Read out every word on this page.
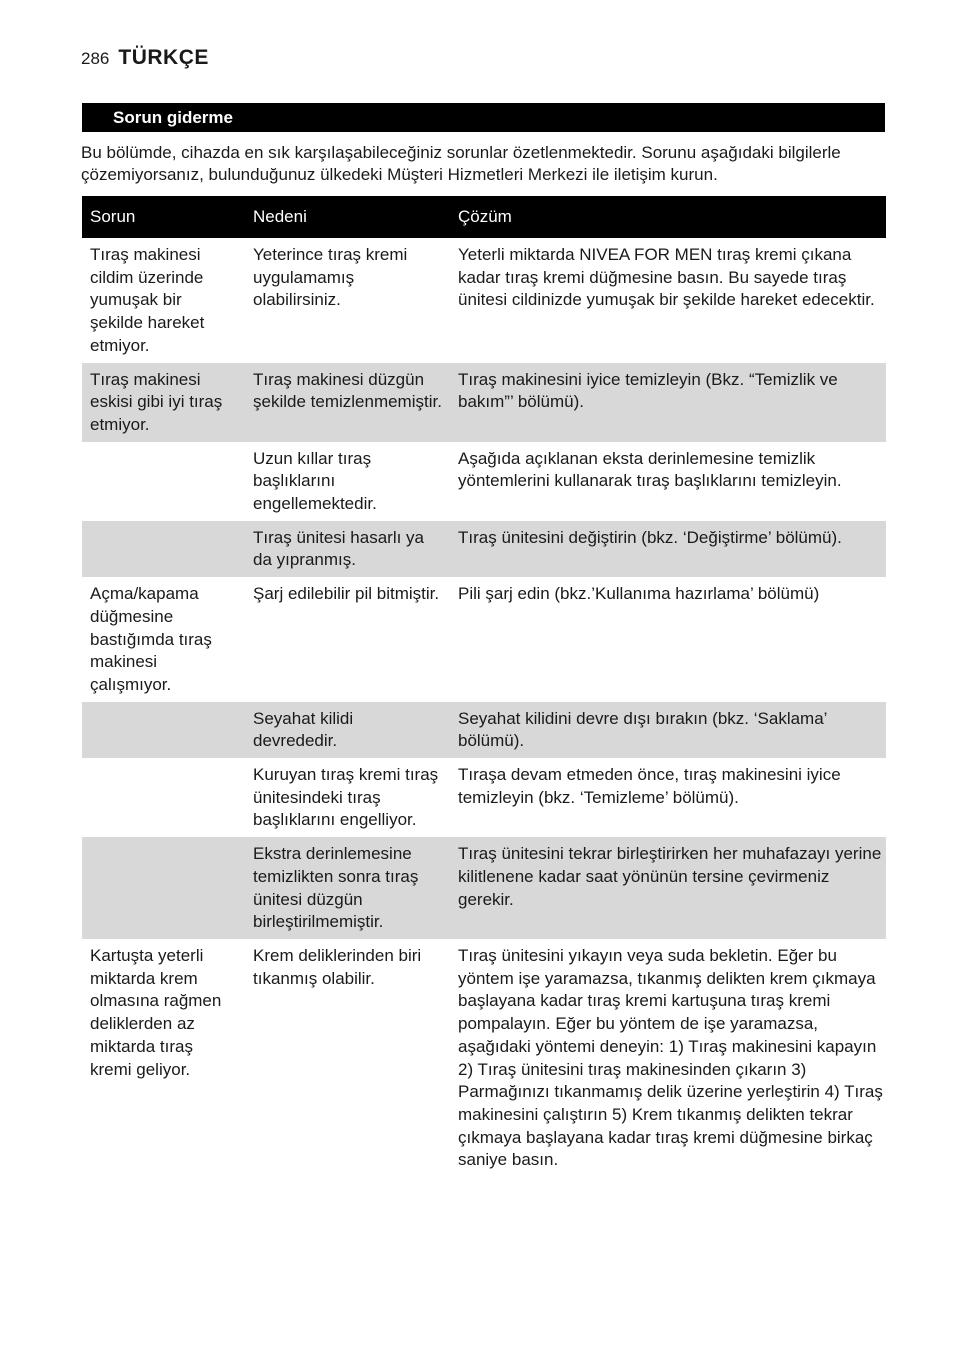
286 TÜRKÇE
Sorun giderme

Bu bölümde, cihazda en sık karşılaşabileceğiniz sorunlar özetlenmektedir. Sorunu aşağıdaki bilgilerle çözemiyorsanız, bulunduğunuz ülkedeki Müşteri Hizmetleri Merkezi ile iletişim kurun.

Sorun	Nedeni	Çözüm
Tıraş makinesi cildim üzerinde yumuşak bir şekilde hareket etmiyor.	Yeterince tıraş kremi uygulamamış olabilirsiniz.	Yeterli miktarda NIVEA FOR MEN tıraş kremi çıkana kadar tıraş kremi düğmesine basın. Bu sayede tıraş ünitesi cildinizde yumuşak bir şekilde hareket edecektir.
Tıraş makinesi eskisi gibi iyi tıraş etmiyor.	Tıraş makinesi düzgün şekilde temizlenmemiştir.	Tıraş makinesini iyice temizleyin (Bkz. “Temizlik ve bakım”’ bölümü).
	Uzun kıllar tıraş başlıklarını engellemektedir.	Aşağıda açıklanan eksta derinlemesine temizlik yöntemlerini kullanarak tıraş başlıklarını temizleyin.
	Tıraş ünitesi hasarlı ya da yıpranmış.	Tıraş ünitesini değiştirin (bkz. ‘Değiştirme’ bölümü).
Açma/kapama düğmesine bastığımda tıraş makinesi çalışmıyor.	Şarj edilebilir pil bitmiştir.	Pili şarj edin (bkz.’Kullanıma hazırlama’ bölümü)
	Seyahat kilidi devrededir.	Seyahat kilidini devre dışı bırakın (bkz. ‘Saklama’ bölümü).
	Kuruyan tıraş kremi tıraş ünitesindeki tıraş başlıklarını engelliyor.	Tıraşa devam etmeden önce, tıraş makinesini iyice temizleyin (bkz. ‘Temizleme’ bölümü).
	Ekstra derinlemesine temizlikten sonra tıraş ünitesi düzgün birleştirilmemiştir.	Tıraş ünitesini tekrar birleştirirken her muhafazayı yerine kilitlenene kadar saat yönünün tersine çevirmeniz gerekir.
Kartuşta yeterli miktarda krem olmasına rağmen deliklerden az miktarda tıraş kremi geliyor.	Krem deliklerinden biri tıkanmış olabilir.	Tıraş ünitesini yıkayın veya suda bekletin. Eğer bu yöntem işe yaramazsa, tıkanmış delikten krem çıkmaya başlayana kadar tıraş kremi kartuşuna tıraş kremi pompalayın. Eğer bu yöntem de işe yaramazsa, aşağıdaki yöntemi deneyin: 1) Tıraş makinesini kapayın 2) Tıraş ünitesini tıraş makinesinden çıkarın 3) Parmağınızı tıkanmamış delik üzerine yerleştirin 4) Tıraş makinesini çalıştırın 5) Krem tıkanmış delikten tekrar çıkmaya başlayana kadar tıraş kremi düğmesine birkaç saniye basın.
